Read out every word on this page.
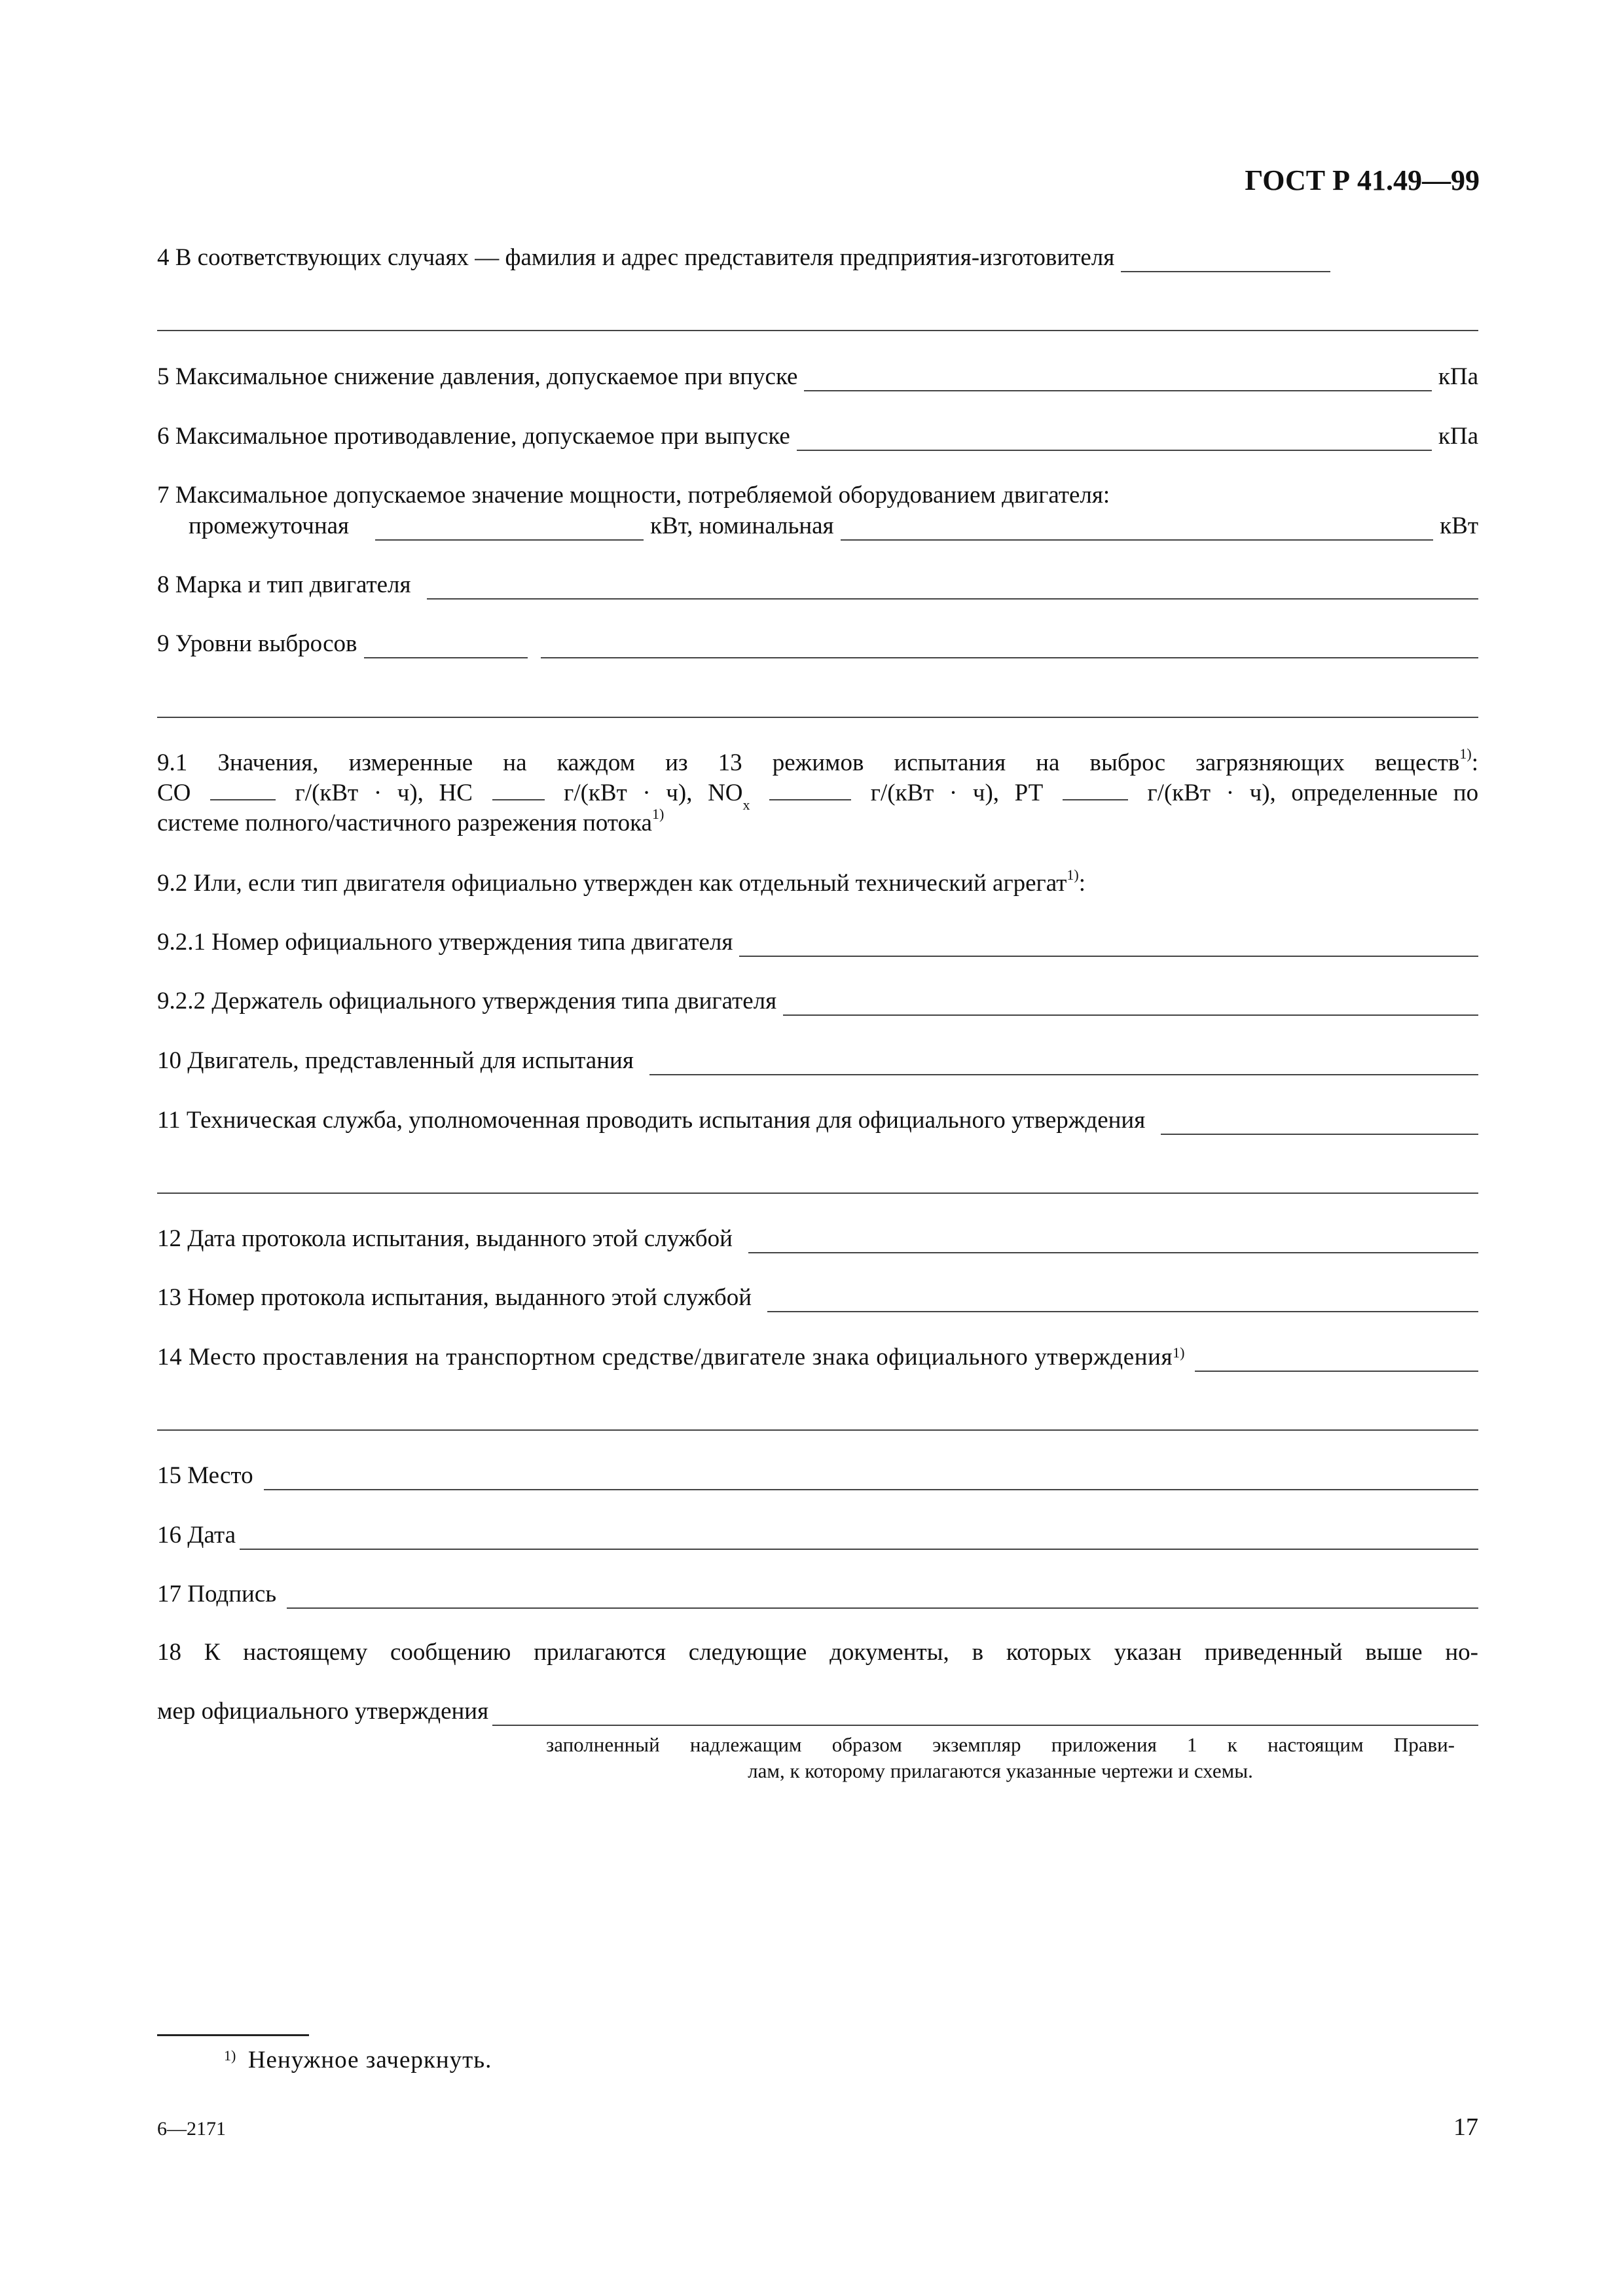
ГОСТ Р 41.49—99
4 В соответствующих случаях — фамилия и адрес представителя предприятия-изготовителя
5 Максимальное снижение давления, допускаемое при впуске	кПа
6 Максимальное противодавление, допускаемое при выпуске	кПа
7 Максимальное допускаемое значение мощности, потребляемой оборудованием двигателя:
промежуточная	кВт, номинальная	кВт
8 Марка и тип двигателя
9 Уровни выбросов
9.1 Значения, измеренные на каждом из 13 режимов испытания на выброс загрязняющих веществ$^{1)}$:
СО	г/(кВт · ч), НС	г/(кВт · ч), $NO_x$	г/(кВт · ч), РТ	г/(кВт · ч), определенные по
системе полного/частичного разрежения потока$^{1)}$
9.2 Или, если тип двигателя официально утвержден как отдельный технический агрегат$^{1)}$:
9.2.1 Номер официального утверждения типа двигателя
9.2.2 Держатель официального утверждения типа двигателя
10 Двигатель, представленный для испытания
11 Техническая служба, уполномоченная проводить испытания для официального утверждения
12 Дата протокола испытания, выданного этой службой
13 Номер протокола испытания, выданного этой службой
14 Место проставления на транспортном средстве/двигателе знака официального утверждения$^{1)}$
15 Место
16 Дата
17 Подпись
18 К настоящему сообщению прилагаются следующие документы, в которых указан приведенный выше но-
мер официального утверждения
заполненный надлежащим образом экземпляр приложения 1 к настоящим Прави-
лам, к которому прилагаются указанные чертежи и схемы.
$^{1)}$ Ненужное зачеркнуть.
6—2171	17
